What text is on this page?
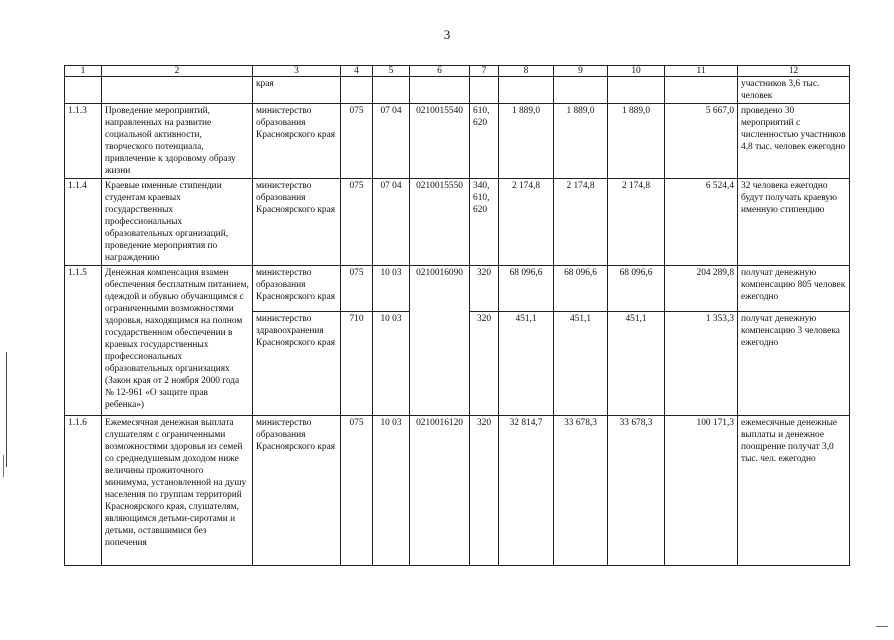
3
1	2	3	4	5	6	7	8	9	10	11	12
		края									участников 3,6 тыс. человек
1.1.3	Проведение мероприятий, направленных на развитие социальной активности, творческого потенциала, привлечение к здоровому образу жизни	министерство образования Красноярского края	075	07 04	0210015540	610, 620	1 889,0	1 889,0	1 889,0	5 667,0	проведено 30 мероприятий с численностью участников 4,8 тыс. человек ежегодно
1.1.4	Краевые именные стипендии студентам краевых государственных профессиональных образовательных организаций, проведение мероприятия по награждению	министерство образования Красноярского края	075	07 04	0210015550	340, 610, 620	2 174,8	2 174,8	2 174,8	6 524,4	32 человека ежегодно будут получать краевую именную стипендию
1.1.5	Денежная компенсация взамен обеспечения бесплатным питанием, одеждой и обувью обучающимся с ограниченными возможностями здоровья, находящимся на полном государственном обеспечении в краевых государственных профессиональных образовательных организациях (Закон края от 2 ноября 2000 года № 12-961 «О защите прав ребенка»)	министерство образования Красноярского края	075	10 03	0210016090	320	68 096,6	68 096,6	68 096,6	204 289,8	получат денежную компенсацию 805 человек ежегодно
		министерство здравоохранения Красноярского края	710	10 03		320	451,1	451,1	451,1	1 353,3	получат денежную компенсацию 3 человека ежегодно
1.1.6	Ежемесячная денежная выплата слушателям с ограниченными возможностями здоровья из семей со среднедушевым доходом ниже величины прожиточного минимума, установленной на душу населения по группам территорий Красноярского края, слушателям, являющимся детьми-сиротами и детьми, оставшимися без попечения	министерство образования Красноярского края	075	10 03	0210016120	320	32 814,7	33 678,3	33 678,3	100 171,3	ежемесячные денежные выплаты и денежное поощрение получат 3,0 тыс. чел. ежегодно
